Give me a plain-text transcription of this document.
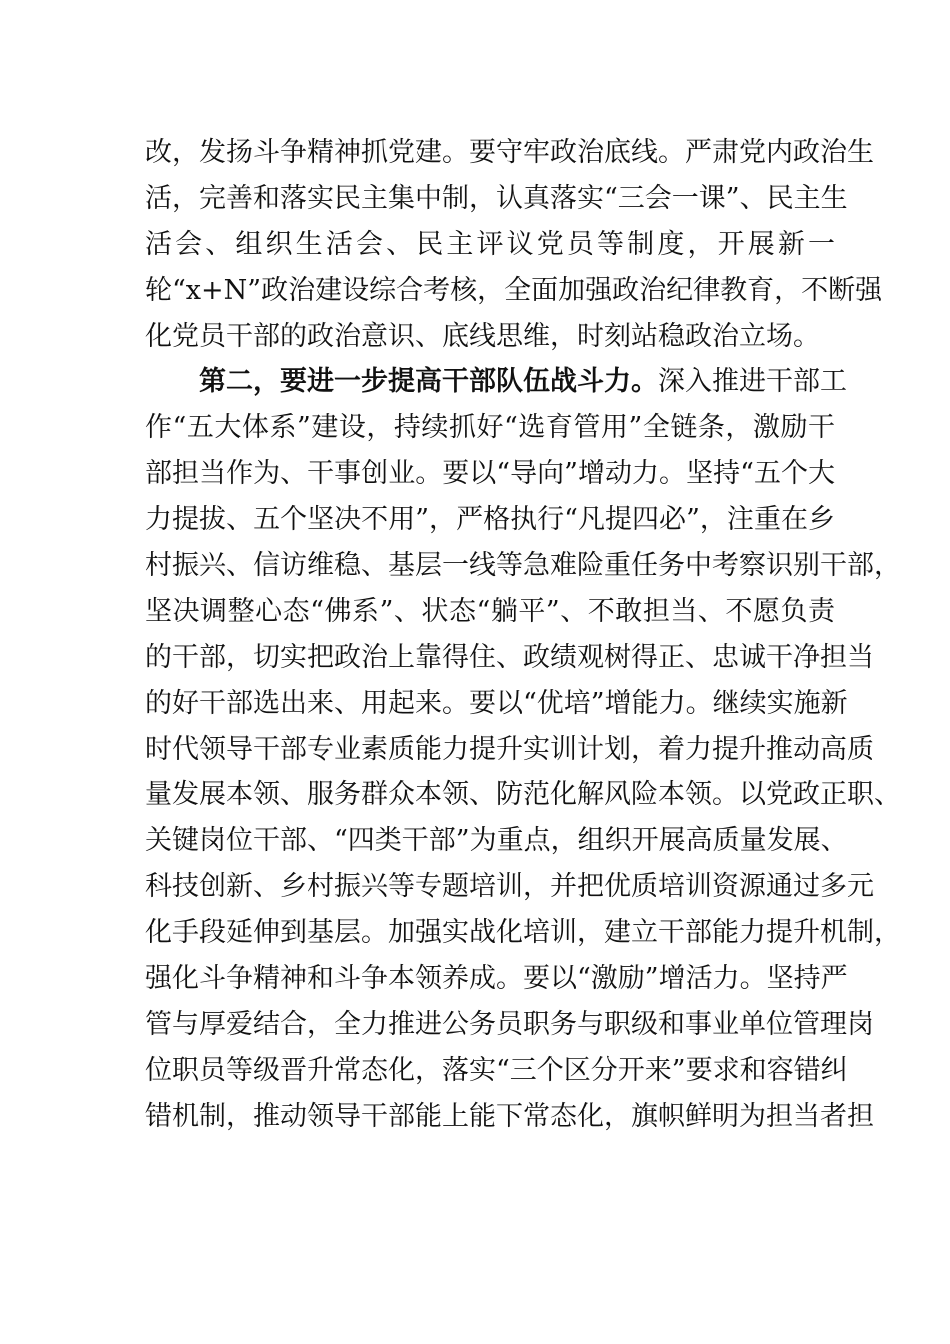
改，发扬斗争精神抓党建。要守牢政治底线。严肃党内政治生
活，完善和落实民主集中制，认真落实“三会一课”、民主生
活会、组织生活会、民主评议党员等制度，开展新一
轮“x+N”政治建设综合考核，全面加强政治纪律教育，不断强
化党员干部的政治意识、底线思维，时刻站稳政治立场。
第二，要进一步提高干部队伍战斗力。深入推进干部工
作“五大体系”建设，持续抓好“选育管用”全链条，激励干
部担当作为、干事创业。要以“导向”增动力。坚持“五个大
力提拔、五个坚决不用”，严格执行“凡提四必”，注重在乡
村振兴、信访维稳、基层一线等急难险重任务中考察识别干部，
坚决调整心态“佛系”、状态“躺平”、不敢担当、不愿负责
的干部，切实把政治上靠得住、政绩观树得正、忠诚干净担当
的好干部选出来、用起来。要以“优培”增能力。继续实施新
时代领导干部专业素质能力提升实训计划，着力提升推动高质
量发展本领、服务群众本领、防范化解风险本领。以党政正职、
关键岗位干部、“四类干部”为重点，组织开展高质量发展、
科技创新、乡村振兴等专题培训，并把优质培训资源通过多元
化手段延伸到基层。加强实战化培训，建立干部能力提升机制，
强化斗争精神和斗争本领养成。要以“激励”增活力。坚持严
管与厚爱结合，全力推进公务员职务与职级和事业单位管理岗
位职员等级晋升常态化，落实“三个区分开来”要求和容错纠
错机制，推动领导干部能上能下常态化，旗帜鲜明为担当者担
